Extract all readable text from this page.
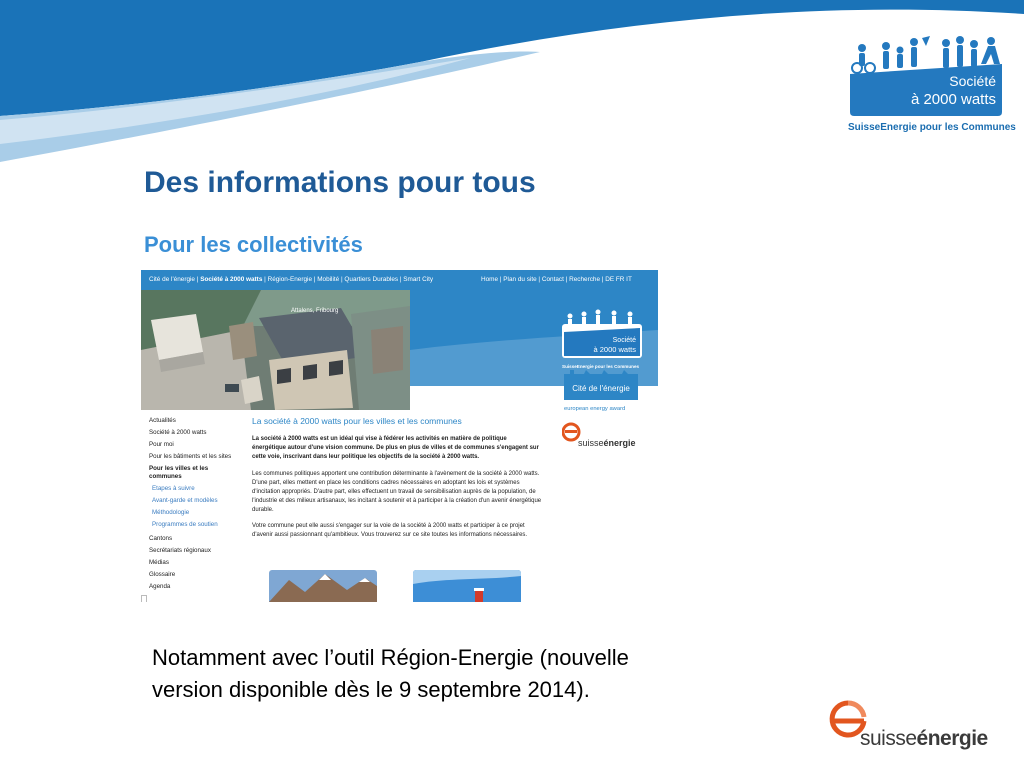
Société
à 2000 watts
SuisseEnergie pour les Communes
Des informations pour tous
Pour les collectivités
Cité de l'énergie | Société à 2000 watts | Région-Energie | Mobilité | Quartiers Durables | Smart City	Home | Plan du site | Contact | Recherche | DE FR IT
Attalens, Fribourg
Société
à 2000 watts
SuisseEnergie pour les Communes
Cité de l'énergie
european energy award
suisseénergie
Actualités
Société à 2000 watts
Pour moi
Pour les bâtiments et les sites
Pour les villes et les
communes
Etapes à suivre
Avant-garde et modèles
Méthodologie
Programmes de soutien
Cantons
Secrétariats régionaux
Médias
Glossaire
Agenda
La société à 2000 watts pour les villes et les communes
La société à 2000 watts est un idéal qui vise à fédérer les activités en matière de politique énergétique autour d'une vision commune. De plus en plus de villes et de communes s'engagent sur cette voie, inscrivant dans leur politique les objectifs de la société à 2000 watts.
Les communes politiques apportent une contribution déterminante à l'avènement de la société à 2000 watts. D'une part, elles mettent en place les conditions cadres nécessaires en adoptant les lois et systèmes d'incitation appropriés. D'autre part, elles effectuent un travail de sensibilisation auprès de la population, de l'industrie et des milieux artisanaux, les incitant à soutenir et à participer à la création d'un avenir énergétique durable.
Votre commune peut elle aussi s'engager sur la voie de la société à 2000 watts et participer à ce projet d'avenir aussi passionnant qu'ambitieux. Vous trouverez sur ce site toutes les informations nécessaires.
Notamment avec l’outil Région-Energie (nouvelle
version disponible dès le 9 septembre 2014).
suisseénergie
